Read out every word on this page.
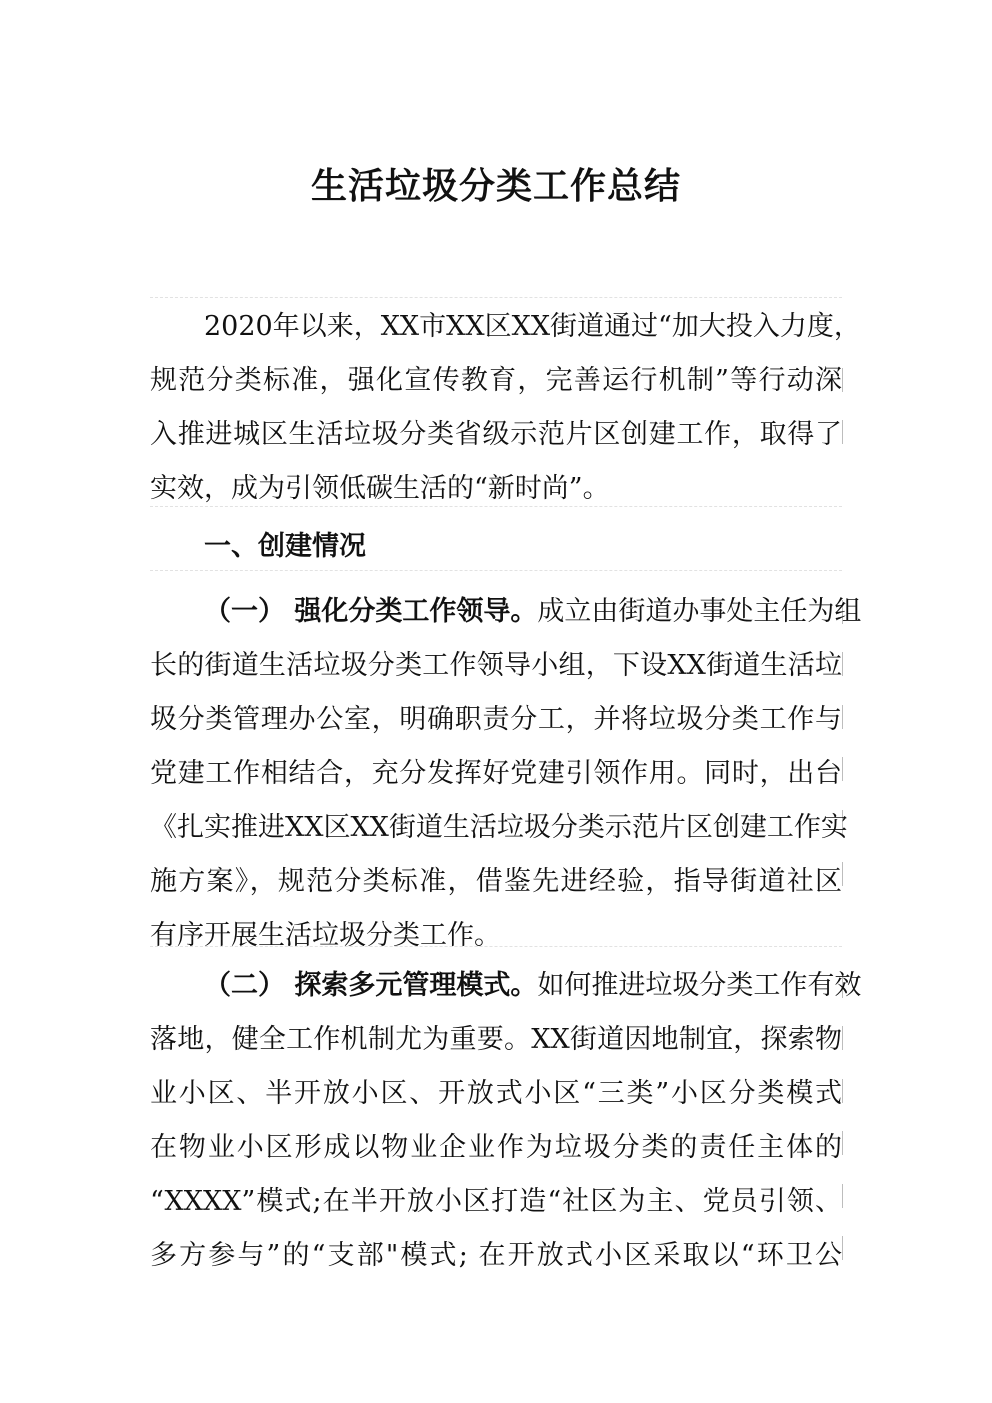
生活垃圾分类工作总结
2020年以来，XX市XX区XX街道通过“加大投入力度，
规范分类标准，强化宣传教育，完善运行机制”等行动深
入推进城区生活垃圾分类省级示范片区创建工作，取得了
实效，成为引领低碳生活的“新时尚”。
一、创建情况
（一） 强化分类工作领导。成立由街道办事处主任为组
长的街道生活垃圾分类工作领导小组，下设XX街道生活垃
圾分类管理办公室，明确职责分工，并将垃圾分类工作与
党建工作相结合，充分发挥好党建引领作用。同时，出台
《扎实推进XX区XX街道生活垃圾分类示范片区创建工作实
施方案》，规范分类标准，借鉴先进经验，指导街道社区
有序开展生活垃圾分类工作。
（二） 探索多元管理模式。如何推进垃圾分类工作有效
落地，健全工作机制尤为重要。XX街道因地制宜，探索物
业小区、半开放小区、开放式小区“三类”小区分类模式
在物业小区形成以物业企业作为垃圾分类的责任主体的
“XXXX”模式;在半开放小区打造“社区为主、党员引领、
多方参与”的“支部"模式; 在开放式小区采取以“环卫公
